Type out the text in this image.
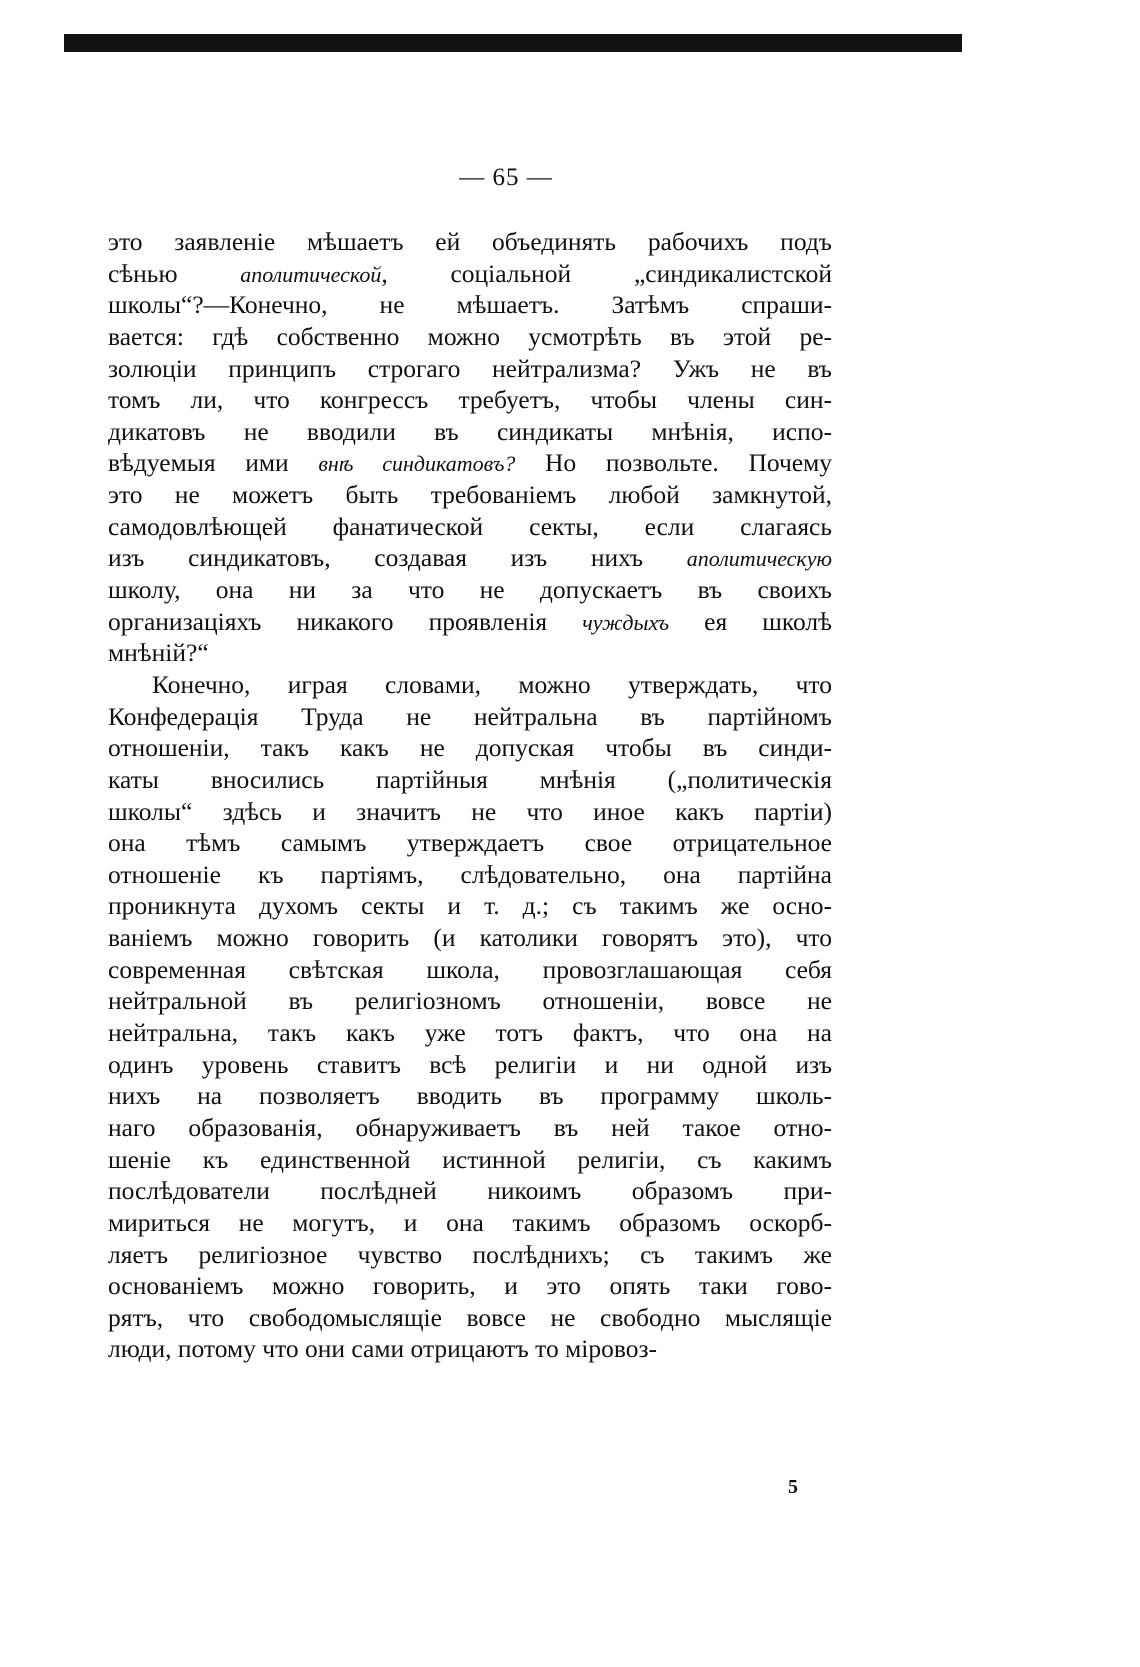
— 65 —
это заявленіе мѣшаетъ ей объединять рабочихъ подъ
сѣнью аполитической, соціальной „синдикалистской
школы“?—Конечно, не мѣшаетъ. Затѣмъ спраши-
вается: гдѣ собственно можно усмотрѣть въ этой ре-
золюціи принципъ строгаго нейтрализма? Ужъ не въ
томъ ли, что конгрессъ требуетъ, чтобы члены син-
дикатовъ не вводили въ синдикаты мнѣнія, испо-
вѣдуемыя ими внѣ синдикатовъ? Но позвольте. Почему
это не можетъ быть требованіемъ любой замкнутой,
самодовлѣющей фанатической секты, если слагаясь
изъ синдикатовъ, создавая изъ нихъ аполитическую
школу, она ни за что не допускаетъ въ своихъ
организаціяхъ никакого проявленія чуждыхъ ея школѣ
мнѣній?“
Конечно, играя словами, можно утверждать, что
Конфедерація Труда не нейтральна въ партійномъ
отношеніи, такъ какъ не допуская чтобы въ синди-
каты вносились партійныя мнѣнія („политическія
школы“ здѣсь и значитъ не что иное какъ партіи)
она тѣмъ самымъ утверждаетъ свое отрицательное
отношеніе къ партіямъ, слѣдовательно, она партійна
проникнута духомъ секты и т. д.; съ такимъ же осно-
ваніемъ можно говорить (и католики говорятъ это), что
современная свѣтская школа, провозглашающая себя
нейтральной въ религіозномъ отношеніи, вовсе не
нейтральна, такъ какъ уже тотъ фактъ, что она на
одинъ уровень ставитъ всѣ религіи и ни одной изъ
нихъ на позволяетъ вводить въ программу школь-
наго образованія, обнаруживаетъ въ ней такое отно-
шеніе къ единственной истинной религіи, съ какимъ
послѣдователи послѣдней никоимъ образомъ при-
мириться не могутъ, и она такимъ образомъ оскорб-
ляетъ религіозное чувство послѣднихъ; съ такимъ же
основаніемъ можно говорить, и это опять таки гово-
рятъ, что свободомыслящіе вовсе не свободно мыслящіе
люди, потому что они сами отрицаютъ то міровоз-
5
